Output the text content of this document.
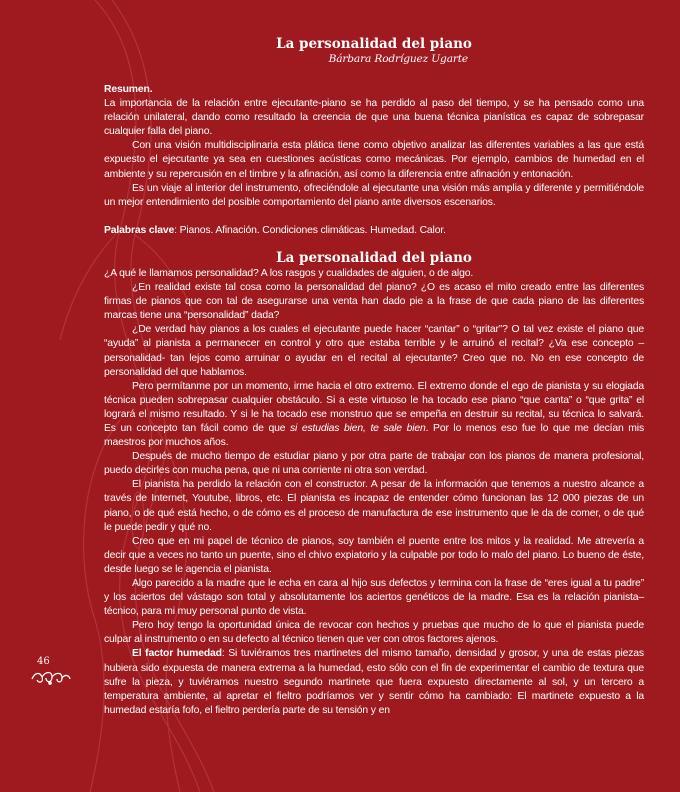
La personalidad del piano

Bárbara Rodríguez Ugarte

Resumen.

La importancia de la relación entre ejecutante-piano se ha perdido al paso del tiempo, y se ha pensado como una relación unilateral, dando como resultado la creencia de que una buena técnica pianística es capaz de sobrepasar cualquier falla del piano.

Con una visión multidisciplinaria esta plática tiene como objetivo analizar las diferentes variables a las que está expuesto el ejecutante ya sea en cuestiones acústicas como mecánicas. Por ejemplo, cambios de humedad en el ambiente y su repercusión en el timbre y la afinación, así como la diferencia entre afinación y entonación.

Es un viaje al interior del instrumento, ofreciéndole al ejecutante una visión más amplia y diferente y permitiéndole un mejor entendimiento del posible comportamiento del piano ante diversos escenarios.

Palabras clave: Pianos. Afinación. Condiciones climáticas. Humedad. Calor.

La personalidad del piano

¿A qué le llamamos personalidad? A los rasgos y cualidades de alguien, o de algo.

¿En realidad existe tal cosa como la personalidad del piano? ¿O es acaso el mito creado entre las diferentes firmas de pianos que con tal de asegurarse una venta han dado pie a la frase de que cada piano de las diferentes marcas tiene una “personalidad” dada?

¿De verdad hay pianos a los cuales el ejecutante puede hacer “cantar” o “gritar”? O tal vez existe el piano que “ayuda” al pianista a permanecer en control y otro que estaba terrible y le arruinó el recital? ¿Va ese concepto –personalidad- tan lejos como arruinar o ayudar en el recital al ejecutante? Creo que no. No en ese concepto de personalidad del que hablamos.

Pero permítanme por un momento, irme hacia el otro extremo. El extremo donde el ego de pianista y su elogiada técnica pueden sobrepasar cualquier obstáculo. Si a este virtuoso le ha tocado ese piano “que canta” o “que grita” el logrará el mismo resultado. Y si le ha tocado ese monstruo que se empeña en destruir su recital, su técnica lo salvará. Es un concepto tan fácil como de que si estudias bien, te sale bien. Por lo menos eso fue lo que me decían mis maestros por muchos años.

Después de mucho tiempo de estudiar piano y por otra parte de trabajar con los pianos de manera profesional, puedo decirles con mucha pena, que ni una corriente ni otra son verdad.

El pianista ha perdido la relación con el constructor. A pesar de la información que tenemos a nuestro alcance a través de Internet, Youtube, libros, etc. El pianista es incapaz de entender cómo funcionan las 12 000 piezas de un piano, o de qué está hecho, o de cómo es el proceso de manufactura de ese instrumento que le da de comer, o de qué le puede pedir y qué no.

Creo que en mi papel de técnico de pianos, soy también el puente entre los mitos y la realidad. Me atrevería a decir que a veces no tanto un puente, sino el chivo expiatorio y la culpable por todo lo malo del piano. Lo bueno de éste, desde luego se le agencia el pianista.

Algo parecido a la madre que le echa en cara al hijo sus defectos y termina con la frase de “eres igual a tu padre” y los aciertos del vástago son total y absolutamente los aciertos genéticos de la madre. Esa es la relación pianista–técnico, para mi muy personal punto de vista.

Pero hoy tengo la oportunidad única de revocar con hechos y pruebas que mucho de lo que el pianista puede culpar al instrumento o en su defecto al técnico tienen que ver con otros factores ajenos.

El factor humedad: Si tuviéramos tres martinetes del mismo tamaño, densidad y grosor, y una de estas piezas hubiera sido expuesta de manera extrema a la humedad, esto sólo con el fin de experimentar el cambio de textura que sufre la pieza, y tuviéramos nuestro segundo martinete que fuera expuesto directamente al sol, y un tercero a temperatura ambiente, al apretar el fieltro podríamos ver y sentir cómo ha cambiado: El martinete expuesto a la humedad estaría fofo, el fieltro perdería parte de su tensión y en

46
